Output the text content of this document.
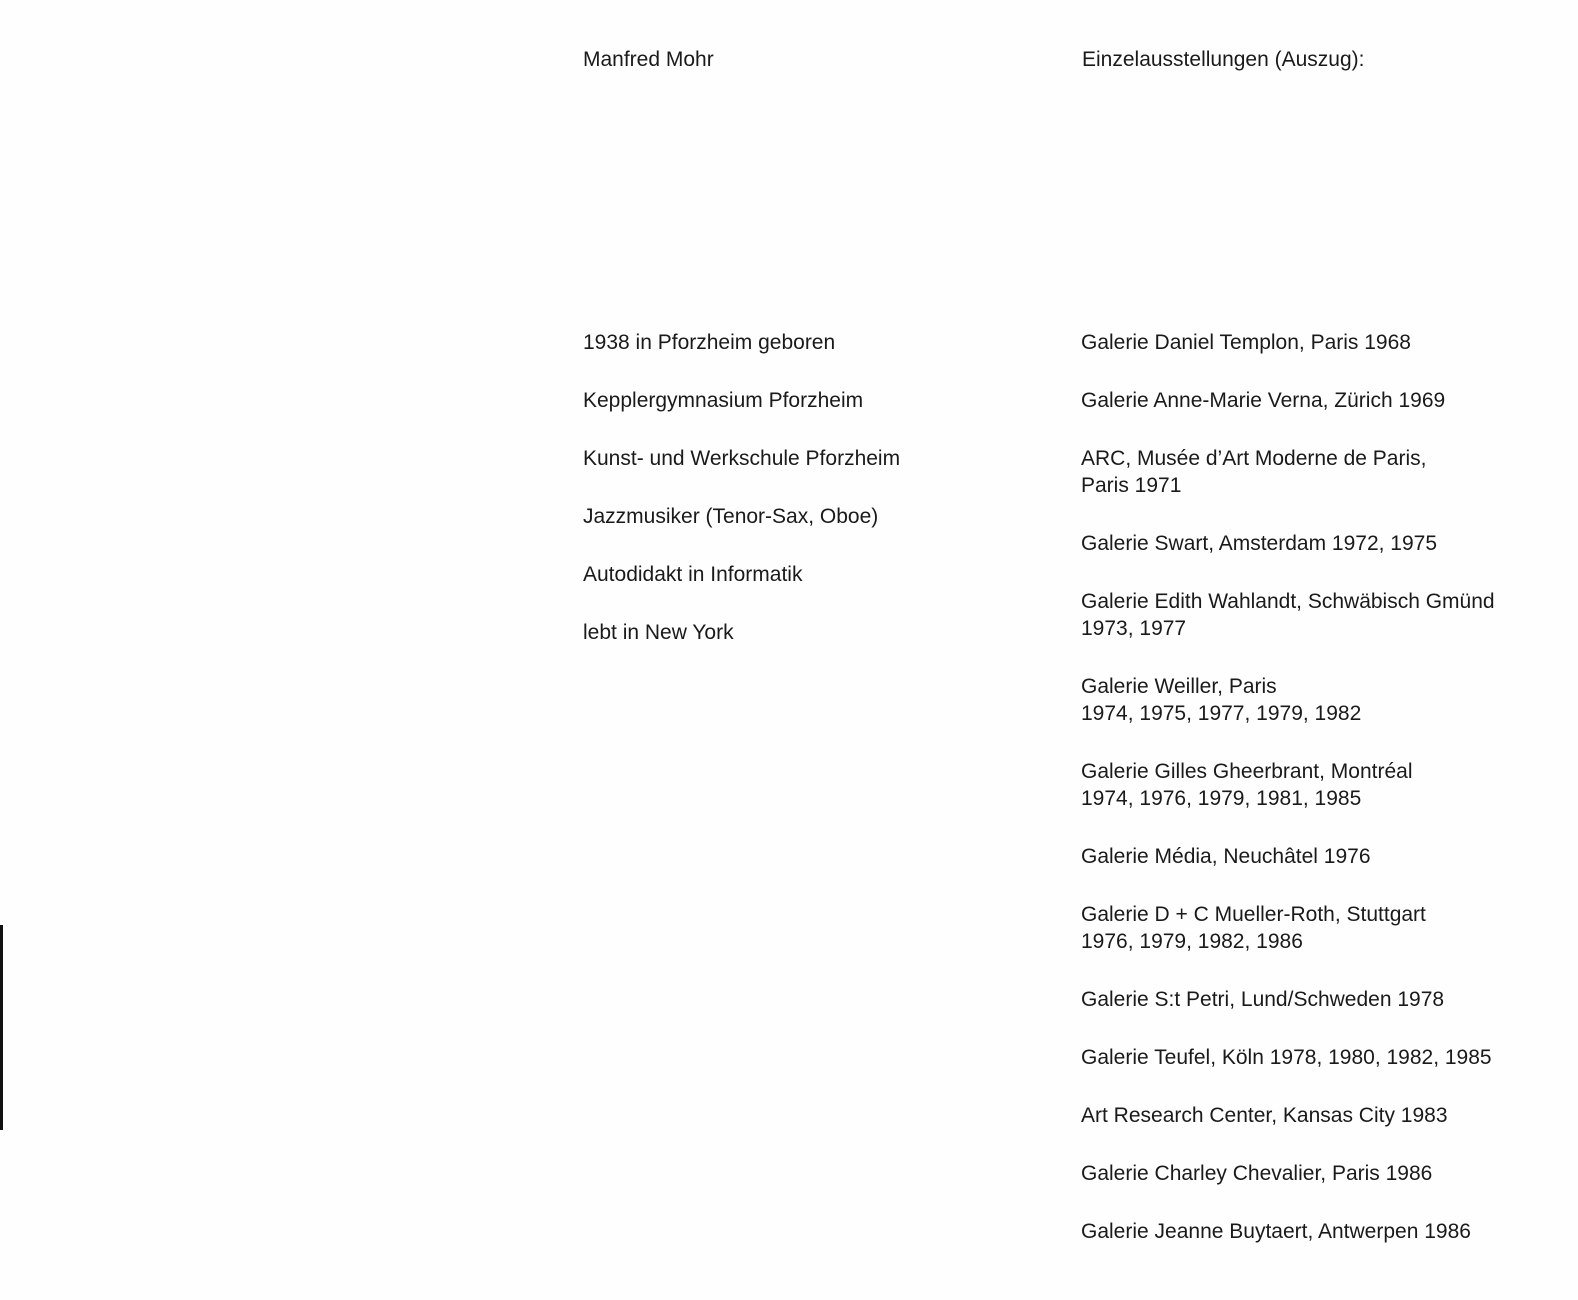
Manfred Mohr	Einzelausstellungen (Auszug):
1938 in Pforzheim geboren
Kepplergymnasium Pforzheim
Kunst- und Werkschule Pforzheim
Jazzmusiker (Tenor-Sax, Oboe)
Autodidakt in Informatik
lebt in New York
Galerie Daniel Templon, Paris 1968
Galerie Anne-Marie Verna, Zürich 1969
ARC, Musée d’Art Moderne de Paris,
Paris 1971
Galerie Swart, Amsterdam 1972, 1975
Galerie Edith Wahlandt, Schwäbisch Gmünd
1973, 1977
Galerie Weiller, Paris
1974, 1975, 1977, 1979, 1982
Galerie Gilles Gheerbrant, Montréal
1974, 1976, 1979, 1981, 1985
Galerie Média, Neuchâtel 1976
Galerie D + C Mueller-Roth, Stuttgart
1976, 1979, 1982, 1986
Galerie S:t Petri, Lund/Schweden 1978
Galerie Teufel, Köln 1978, 1980, 1982, 1985
Art Research Center, Kansas City 1983
Galerie Charley Chevalier, Paris 1986
Galerie Jeanne Buytaert, Antwerpen 1986
